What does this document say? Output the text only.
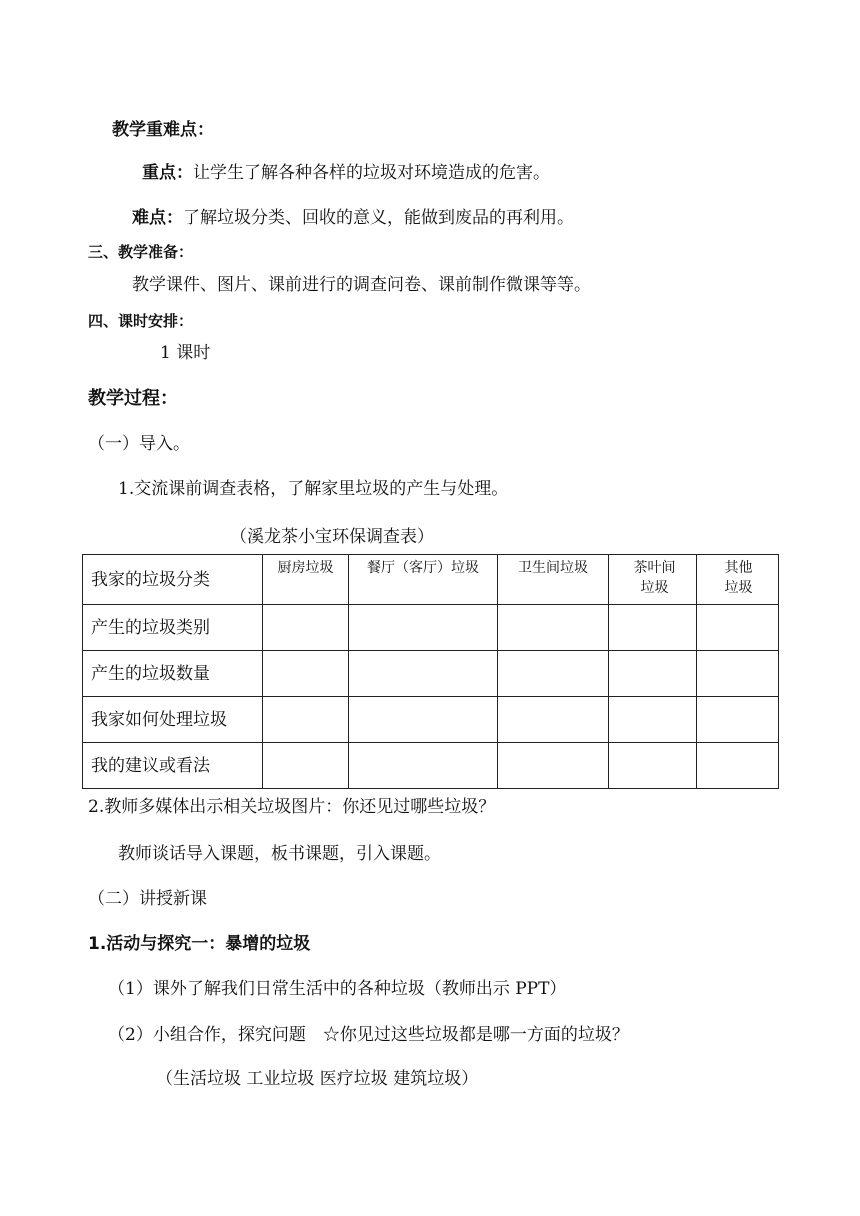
教学重难点：
重点：让学生了解各种各样的垃圾对环境造成的危害。
难点：了解垃圾分类、回收的意义，能做到废品的再利用。
三、教学准备：
教学课件、图片、课前进行的调查问卷、课前制作微课等等。
四、课时安排：
1 课时
教学过程：
（一）导入。
1.交流课前调查表格，了解家里垃圾的产生与处理。
（溪龙茶小宝环保调查表）
我家的垃圾分类	厨房垃圾	餐厅（客厅）垃圾	卫生间垃圾	茶叶间垃圾	其他垃圾
产生的垃圾类别					
产生的垃圾数量					
我家如何处理垃圾					
我的建议或看法					
2.教师多媒体出示相关垃圾图片：你还见过哪些垃圾？
教师谈话导入课题，板书课题，引入课题。
（二）讲授新课
1.活动与探究一：暴增的垃圾
（1）课外了解我们日常生活中的各种垃圾（教师出示 PPT）
（2）小组合作，探究问题　☆你见过这些垃圾都是哪一方面的垃圾？
（生活垃圾 工业垃圾 医疗垃圾 建筑垃圾）
